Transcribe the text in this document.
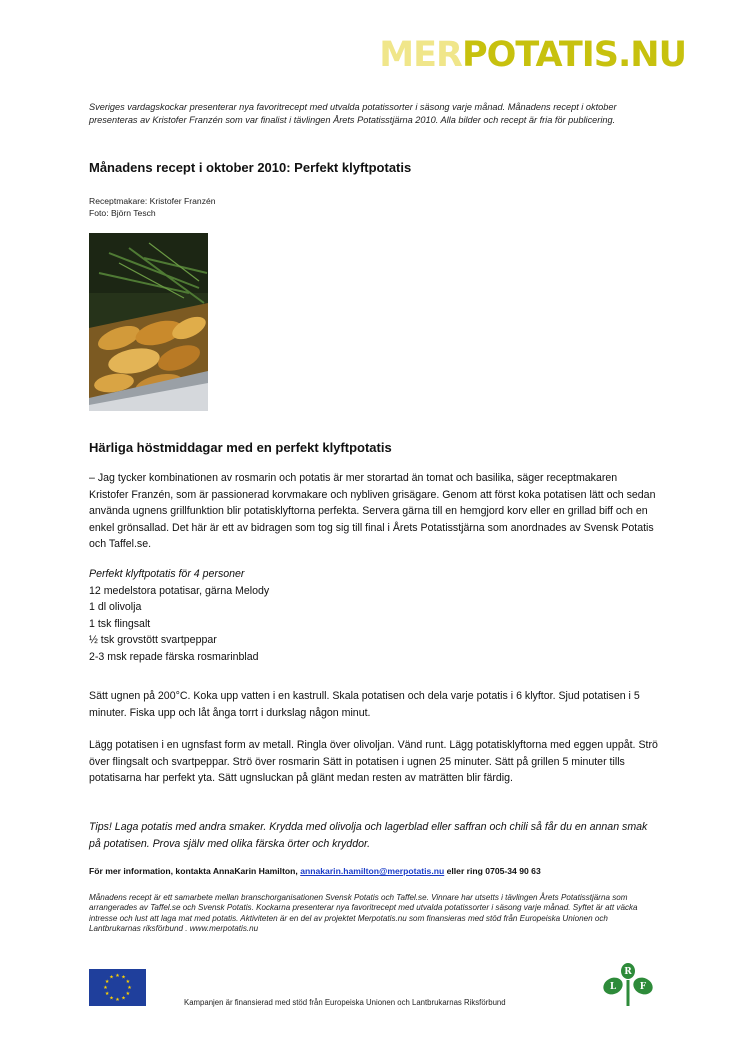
MERPOTATIS.NU
Sveriges vardagskockar presenterar nya favoritrecept med utvalda potatissorter i säsong varje månad. Månadens recept i oktober presenteras av Kristofer Franzén som var finalist i tävlingen Årets Potatisstjärna 2010. Alla bilder och recept är fria för publicering.
Månadens recept i oktober 2010: Perfekt klyftpotatis
Receptmakare: Kristofer Franzén
Foto: Björn Tesch
Härliga höstmiddagar med en perfekt klyftpotatis
– Jag tycker kombinationen av rosmarin och potatis är mer storartad än tomat och basilika, säger receptmakaren Kristofer Franzén, som är passionerad korvmakare och nybliven grisägare. Genom att först koka potatisen lätt och sedan använda ugnens grillfunktion blir potatisklyftorna perfekta. Servera gärna till en hemgjord korv eller en grillad biff och en enkel grönsallad. Det här är ett av bidragen som tog sig till final i Årets Potatisstjärna som anordnades av Svensk Potatis och Taffel.se.
Perfekt klyftpotatis för 4 personer
12 medelstora potatisar, gärna Melody
1 dl olivolja
1 tsk flingsalt
½ tsk grovstött svartpeppar
2-3 msk repade färska rosmarinblad
Sätt ugnen på 200°C. Koka upp vatten i en kastrull. Skala potatisen och dela varje potatis i 6 klyftor. Sjud potatisen i 5 minuter. Fiska upp och låt ånga torrt i durkslag någon minut.
Lägg potatisen i en ugnsfast form av metall. Ringla över olivoljan. Vänd runt. Lägg potatisklyftorna med eggen uppåt. Strö över flingsalt och svartpeppar. Strö över rosmarin Sätt in potatisen i ugnen 25 minuter. Sätt på grillen 5 minuter tills potatisarna har perfekt yta. Sätt ugnsluckan på glänt medan resten av maträtten blir färdig.
Tips! Laga potatis med andra smaker. Krydda med olivolja och lagerblad eller saffran och chili så får du en annan smak på potatisen. Prova själv med olika färska örter och kryddor.
För mer information, kontakta AnnaKarin Hamilton, annakarin.hamilton@merpotatis.nu eller ring 0705-34 90 63
Månadens recept är ett samarbete mellan branschorganisationen Svensk Potatis och Taffel.se. Vinnare har utsetts i tävlingen Årets Potatisstjärna som arrangerades av Taffel.se och Svensk Potatis. Kockarna presenterar nya favoritrecept med utvalda potatissorter i säsong varje månad. Syftet är att väcka intresse och lust att laga mat med potatis. Aktiviteten är en del av projektet Merpotatis.nu som finansieras med stöd från Europeiska Unionen och Lantbrukarnas riksförbund . www.merpotatis.nu
★ ★
★
★
★
★
★
★
★
★
★
★
Kampanjen är finansierad med stöd från Europeiska Unionen och Lantbrukarnas Riksförbund
R
L	F
